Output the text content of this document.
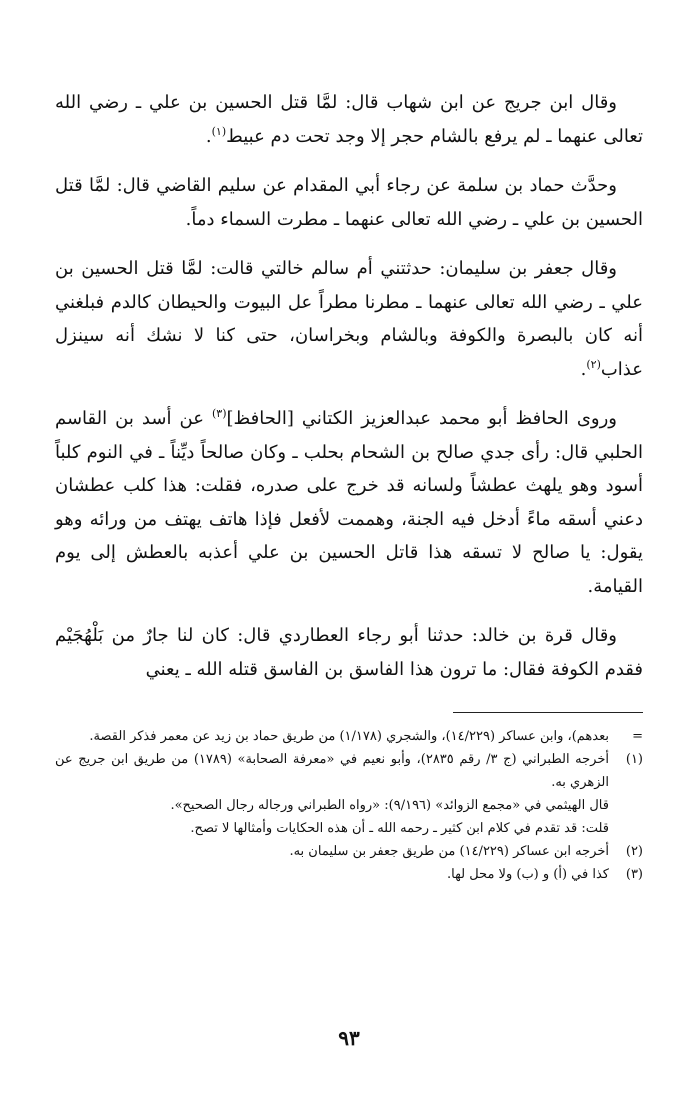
وقال ابن جريج عن ابن شهاب قال: لمَّا قتل الحسين بن علي ـ رضي الله تعالى عنهما ـ لم يرفع بالشام حجر إلا وجد تحت دم عبيط$^{(١)}$.

وحدَّث حماد بن سلمة عن رجاء أبي المقدام عن سليم القاضي قال: لمَّا قتل الحسين بن علي ـ رضي الله تعالى عنهما ـ مطرت السماء دماً.

وقال جعفر بن سليمان: حدثتني أم سالم خالتي قالت: لمَّا قتل الحسين بن علي ـ رضي الله تعالى عنهما ـ مطرنا مطراً عل البيوت والحيطان كالدم فبلغني أنه كان بالبصرة والكوفة وبالشام وبخراسان، حتى كنا لا نشك أنه سينزل عذاب$^{(٢)}$.

وروى الحافظ أبو محمد عبدالعزيز الكتاني [الحافظ]$^{(٣)}$ عن أسد بن القاسم الحلبي قال: رأى جدي صالح بن الشحام بحلب ـ وكان صالحاً ديِّناً ـ في النوم كلباً أسود وهو يلهث عطشاً ولسانه قد خرج على صدره، فقلت: هذا كلب عطشان دعني أسقه ماءً أدخل فيه الجنة، وهممت لأفعل فإذا هاتف يهتف من ورائه وهو يقول: يا صالح لا تسقه هذا قاتل الحسين بن علي أعذبه بالعطش إلى يوم القيامة.

وقال قرة بن خالد: حدثنا أبو رجاء العطاردي قال: كان لنا جارٌ من بَلْهُجَيْم فقدم الكوفة فقال: ما ترون هذا الفاسق بن الفاسق قتله الله ـ يعني

=

بعدهم)، وابن عساكر (١٤/٢٢٩)، والشجري (١/١٧٨) من طريق حماد بن زيد عن معمر فذكر القصة.

(١)

أخرجه الطبراني (ج ٣/ رقم ٢٨٣٥)، وأبو نعيم في «معرفة الصحابة» (١٧٨٩) من طريق ابن جريج عن الزهري به.

قال الهيثمي في «مجمع الزوائد» (٩/١٩٦): «رواه الطبراني ورجاله رجال الصحيح».

قلت: قد تقدم في كلام ابن كثير ـ رحمه الله ـ أن هذه الحكايات وأمثالها لا تصح.

(٢)

أخرجه ابن عساكر (١٤/٢٢٩) من طريق جعفر بن سليمان به.

(٣)

كذا في (أ) و (ب) ولا محل لها.

٩٣
